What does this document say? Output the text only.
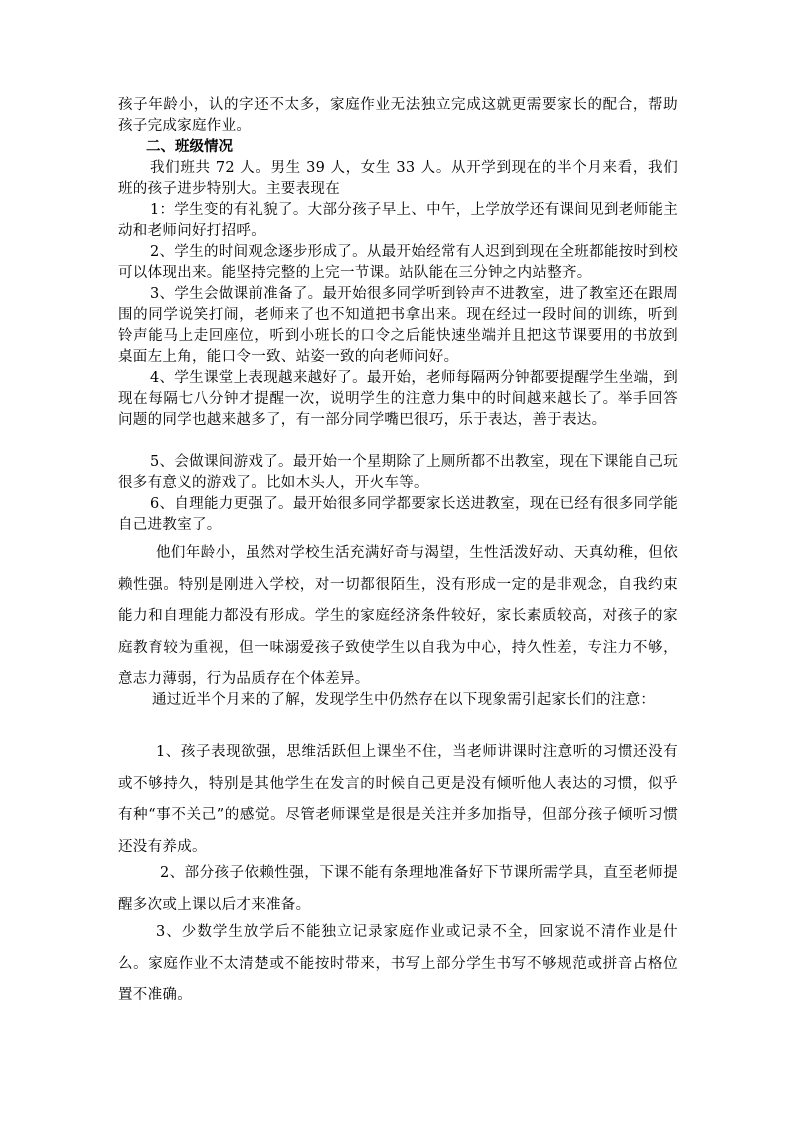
孩子年龄小，认的字还不太多，家庭作业无法独立完成这就更需要家长的配合，帮助孩子完成家庭作业。

二、班级情况

我们班共 72 人。男生 39 人，女生 33 人。从开学到现在的半个月来看，我们班的孩子进步特别大。主要表现在

1：学生变的有礼貌了。大部分孩子早上、中午，上学放学还有课间见到老师能主动和老师问好打招呼。

2、学生的时间观念逐步形成了。从最开始经常有人迟到到现在全班都能按时到校可以体现出来。能坚持完整的上完一节课。站队能在三分钟之内站整齐。

3、学生会做课前准备了。最开始很多同学听到铃声不进教室，进了教室还在跟周围的同学说笑打闹，老师来了也不知道把书拿出来。现在经过一段时间的训练，听到铃声能马上走回座位，听到小班长的口令之后能快速坐端并且把这节课要用的书放到桌面左上角，能口令一致、站姿一致的向老师问好。

4、学生课堂上表现越来越好了。最开始，老师每隔两分钟都要提醒学生坐端，到现在每隔七八分钟才提醒一次，说明学生的注意力集中的时间越来越长了。举手回答问题的同学也越来越多了，有一部分同学嘴巴很巧，乐于表达，善于表达。

5、会做课间游戏了。最开始一个星期除了上厕所都不出教室，现在下课能自己玩很多有意义的游戏了。比如木头人，开火车等。

6、自理能力更强了。最开始很多同学都要家长送进教室，现在已经有很多同学能自己进教室了。

他们年龄小，虽然对学校生活充满好奇与渴望，生性活泼好动、天真幼稚，但依赖性强。特别是刚进入学校，对一切都很陌生，没有形成一定的是非观念，自我约束能力和自理能力都没有形成。学生的家庭经济条件较好，家长素质较高，对孩子的家庭教育较为重视，但一味溺爱孩子致使学生以自我为中心，持久性差，专注力不够，意志力薄弱，行为品质存在个体差异。

通过近半个月来的了解，发现学生中仍然存在以下现象需引起家长们的注意：

1、孩子表现欲强，思维活跃但上课坐不住，当老师讲课时注意听的习惯还没有或不够持久，特别是其他学生在发言的时候自己更是没有倾听他人表达的习惯，似乎有种“事不关己”的感觉。尽管老师课堂是很是关注并多加指导，但部分孩子倾听习惯还没有养成。

2、部分孩子依赖性强，下课不能有条理地准备好下节课所需学具，直至老师提醒多次或上课以后才来准备。

3、少数学生放学后不能独立记录家庭作业或记录不全，回家说不清作业是什么。家庭作业不太清楚或不能按时带来，书写上部分学生书写不够规范或拼音占格位置不准确。
